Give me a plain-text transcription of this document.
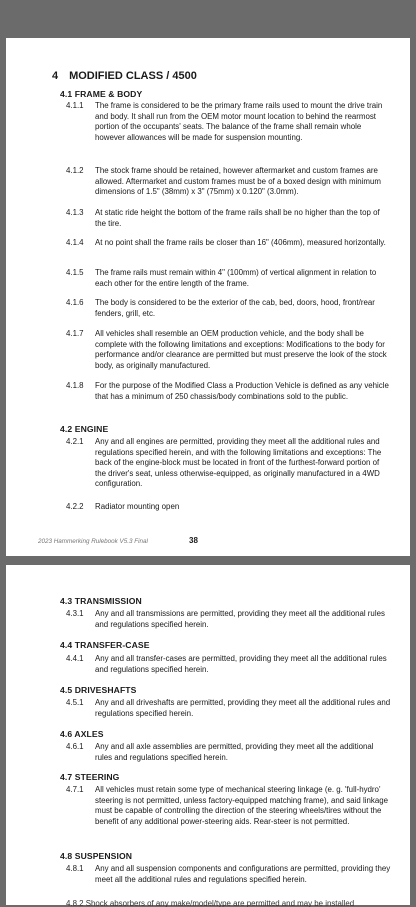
4 MODIFIED CLASS / 4500
4.1 FRAME & BODY
4.1.1	The frame is considered to be the primary frame rails used to mount the drive train and body. It shall run from the OEM motor mount location to behind the rearmost portion of the occupants' seats. The balance of the frame shall remain whole however allowances will be made for suspension mounting.
4.1.2	The stock frame should be retained, however aftermarket and custom frames are allowed. Aftermarket and custom frames must be of a boxed design with minimum dimensions of 1.5" (38mm) x 3" (75mm) x 0.120" (3.0mm).
4.1.3	At static ride height the bottom of the frame rails shall be no higher than the top of the tire.
4.1.4	At no point shall the frame rails be closer than 16" (406mm), measured horizontally.
4.1.5	The frame rails must remain within 4" (100mm) of vertical alignment in relation to each other for the entire length of the frame.
4.1.6	The body is considered to be the exterior of the cab, bed, doors, hood, front/rear fenders, grill, etc.
4.1.7	All vehicles shall resemble an OEM production vehicle, and the body shall be complete with the following limitations and exceptions: Modifications to the body for performance and/or clearance are permitted but must preserve the look of the stock body, as originally manufactured.
4.1.8	For the purpose of the Modified Class a Production Vehicle is defined as any vehicle that has a minimum of 250 chassis/body combinations sold to the public.
4.2 ENGINE
4.2.1	Any and all engines are permitted, providing they meet all the additional rules and regulations specified herein, and with the following limitations and exceptions: The back of the engine-block must be located in front of the furthest-forward portion of the driver's seat, unless otherwise-equipped, as originally manufactured in a 4WD configuration.
4.2.2	Radiator mounting open
2023 Hammerking Rulebook V5.3 Final	38
4.3 TRANSMISSION
4.3.1	Any and all transmissions are permitted, providing they meet all the additional rules and regulations specified herein.
4.4 TRANSFER-CASE
4.4.1	Any and all transfer-cases are permitted, providing they meet all the additional rules and regulations specified herein.
4.5 DRIVESHAFTS
4.5.1	Any and all driveshafts are permitted, providing they meet all the additional rules and regulations specified herein.
4.6 AXLES
4.6.1	Any and all axle assemblies are permitted, providing they meet all the additional rules and regulations specified herein.
4.7 STEERING
4.7.1	All vehicles must retain some type of mechanical steering linkage (e. g. 'full-hydro' steering is not permitted, unless factory-equipped matching frame), and said linkage must be capable of controlling the direction of the steering wheels/tires without the benefit of any additional power-steering aids. Rear-steer is not permitted.
4.8 SUSPENSION
4.8.1	Any and all suspension components and configurations are permitted, providing they meet all the additional rules and regulations specified herein.
4.8.2 Shock absorbers of any make/model/type are permitted and may be installed
